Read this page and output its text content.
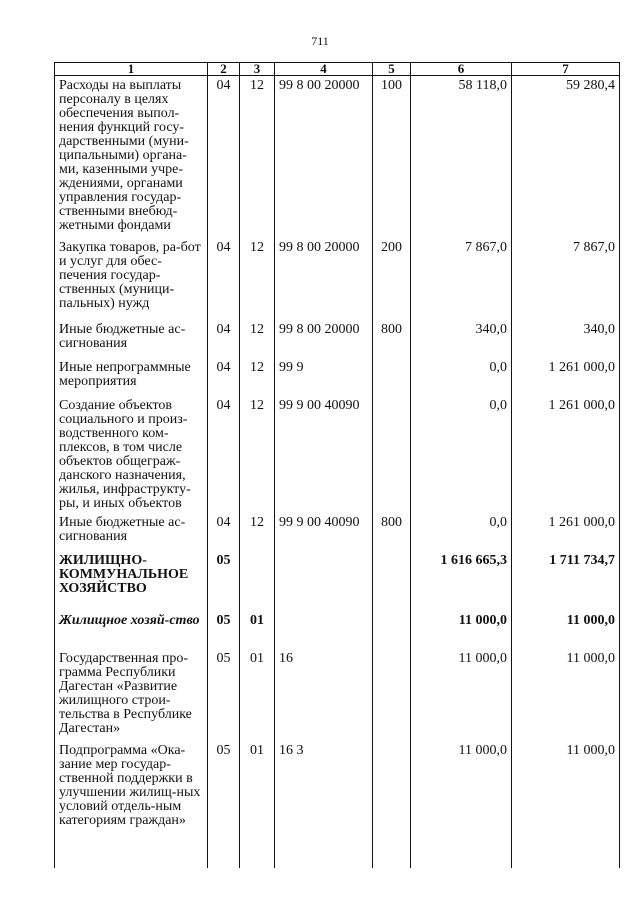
711
1	2	3	4	5	6	7
Расходы на выплаты персоналу в целях обеспечения выпол-нения функций госу-дарственными (муни-ципальными) органа-ми, казенными учре-ждениями, органами управления государ-ственными внебюд-жетными фондами	04	12	99 8 00 20000	100	58 118,0	59 280,4
Закупка товаров, ра-бот и услуг для обес-печения государ-ственных (муници-пальных) нужд	04	12	99 8 00 20000	200	7 867,0	7 867,0
Иные бюджетные ас-сигнования	04	12	99 8 00 20000	800	340,0	340,0
Иные непрограммные мероприятия	04	12	99 9		0,0	1 261 000,0
Создание объектов социального и произ-водственного ком-плексов, в том числе объектов общеграж-данского назначения, жилья, инфраструкту-ры, и иных объектов	04	12	99 9 00 40090		0,0	1 261 000,0
Иные бюджетные ас-сигнования	04	12	99 9 00 40090	800	0,0	1 261 000,0
ЖИЛИЩНО-КОММУНАЛЬНОЕ ХОЗЯЙСТВО	05				1 616 665,3	1 711 734,7
Жилищное хозяй-ство	05	01			11 000,0	11 000,0
Государственная про-грамма Республики Дагестан «Развитие жилищного строи-тельства в Республике Дагестан»	05	01	16		11 000,0	11 000,0
Подпрограмма «Ока-зание мер государ-ственной поддержки в улучшении жилищ-ных условий отдель-ным категориям граждан»	05	01	16 3		11 000,0	11 000,0
